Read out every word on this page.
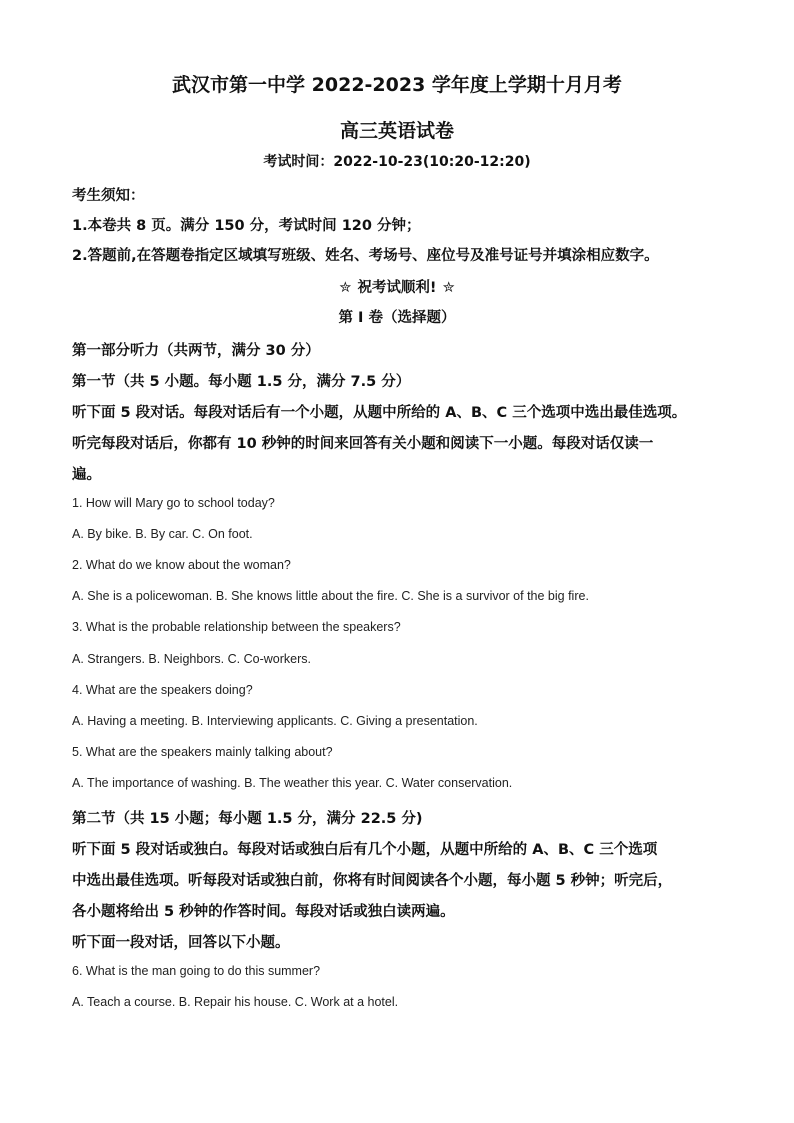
武汉市第一中学 2022-2023 学年度上学期十月月考
高三英语试卷
考试时间：2022-10-23(10:20-12:20)
考生须知：
1.本卷共 8 页。满分 150 分，考试时间 120 分钟；
2.答题前,在答题卷指定区域填写班级、姓名、考场号、座位号及准号证号并填涂相应数字。
✮ 祝考试顺利! ✮
第 I 卷（选择题）
第一部分听力（共两节，满分 30 分）
第一节（共 5 小题。每小题 1.5 分，满分 7.5 分）
听下面 5 段对话。每段对话后有一个小题，从题中所给的 A、B、C 三个选项中选出最佳选项。
听完每段对话后，你都有 10 秒钟的时间来回答有关小题和阅读下一小题。每段对话仅读一
遍。
1. How will Mary go to school today?
A. By bike. B. By car. C. On foot.
2. What do we know about the woman?
A. She is a policewoman. B. She knows little about the fire. C. She is a survivor of the big fire.
3. What is the probable relationship between the speakers?
A. Strangers. B. Neighbors. C. Co-workers.
4. What are the speakers doing?
A. Having a meeting. B. Interviewing applicants. C. Giving a presentation.
5. What are the speakers mainly talking about?
A. The importance of washing. B. The weather this year. C. Water conservation.
第二节（共 15 小题；每小题 1.5 分，满分 22.5 分)
听下面 5 段对话或独白。每段对话或独白后有几个小题，从题中所给的 A、B、C 三个选项
中选出最佳选项。听每段对话或独白前，你将有时间阅读各个小题，每小题 5 秒钟；听完后，
各小题将给出 5 秒钟的作答时间。每段对话或独白读两遍。
听下面一段对话，回答以下小题。
6. What is the man going to do this summer?
A. Teach a course. B. Repair his house. C. Work at a hotel.
